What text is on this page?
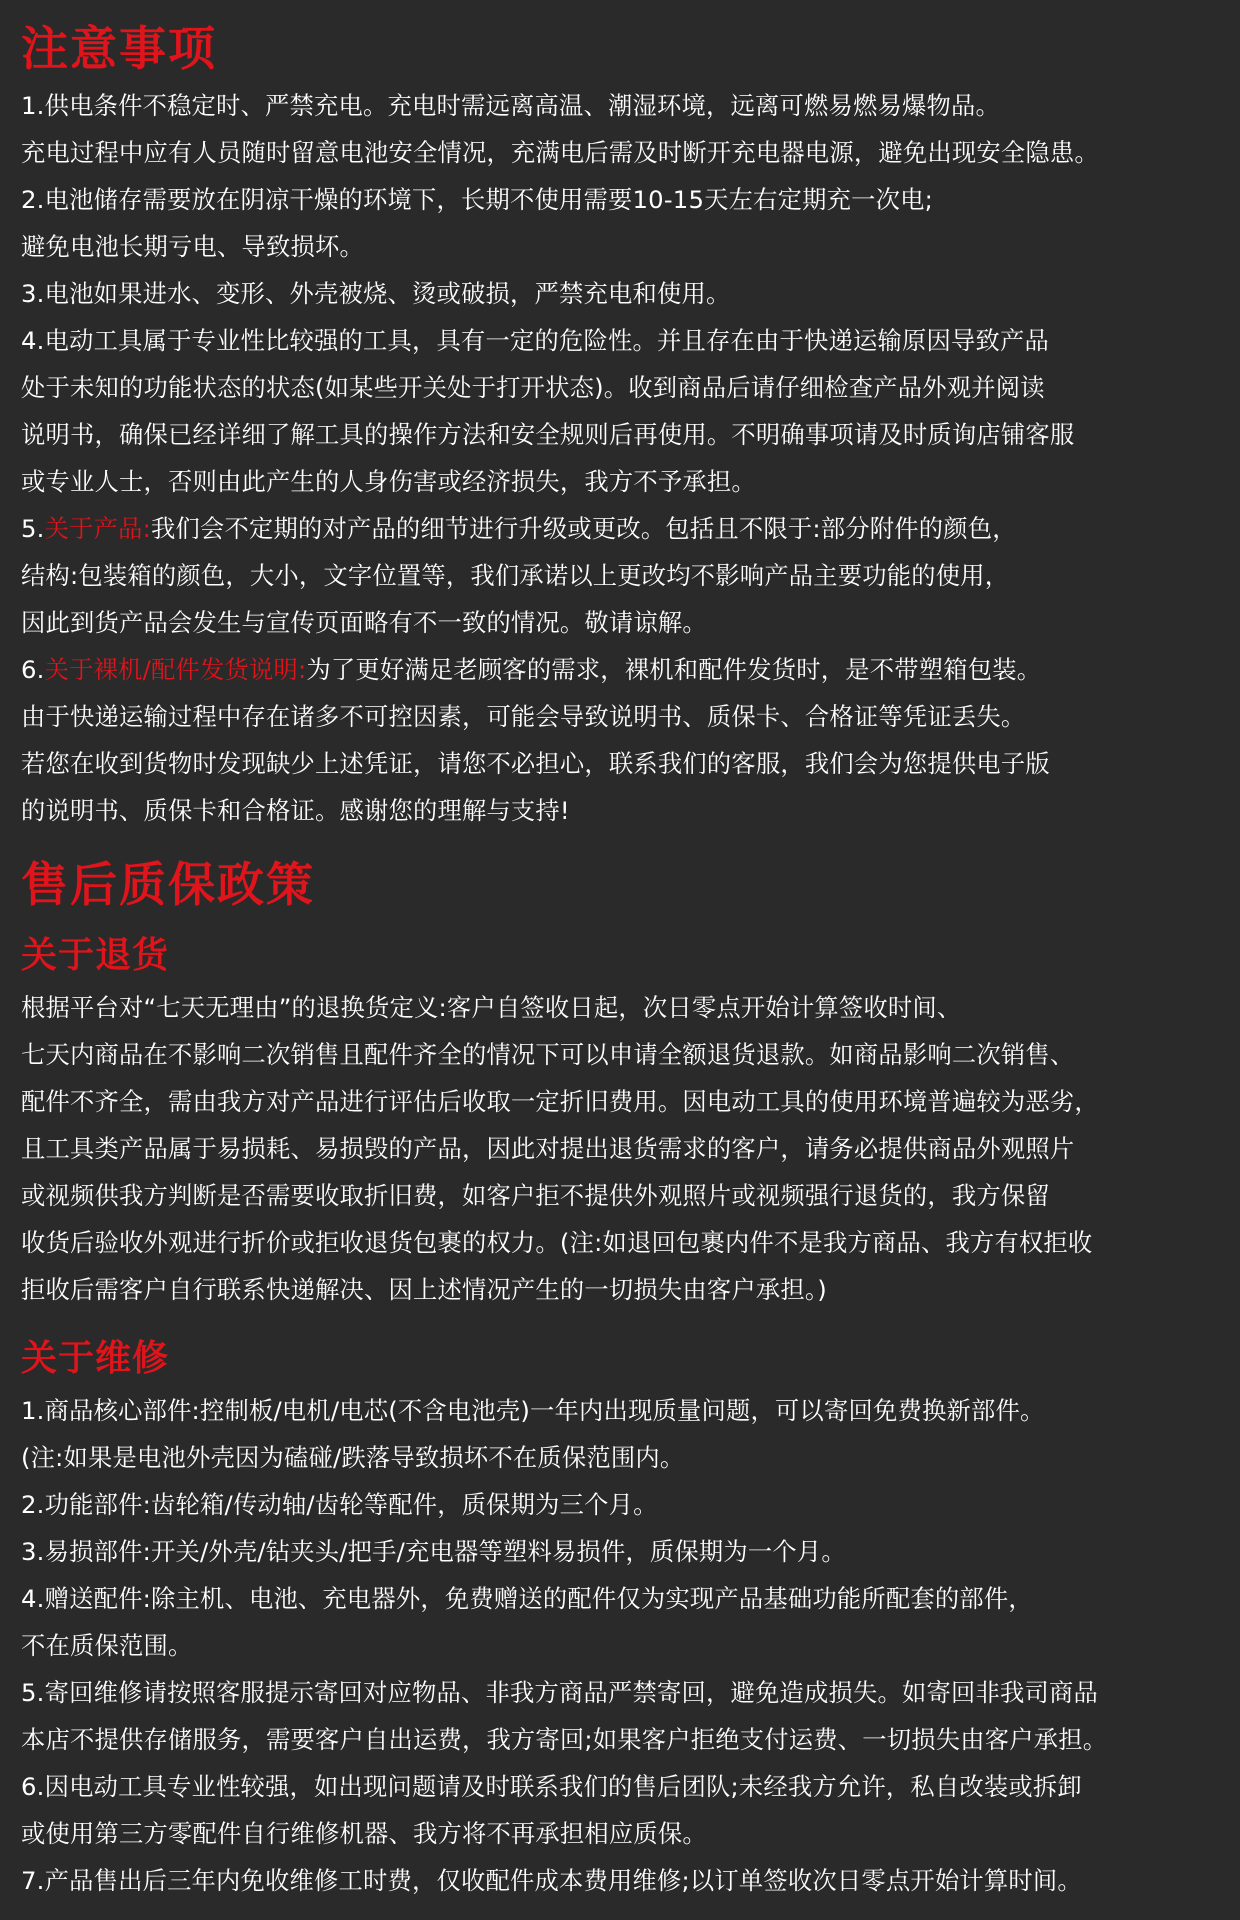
注意事项
1.供电条件不稳定时、严禁充电。充电时需远离高温、潮湿环境，远离可燃易燃易爆物品。
充电过程中应有人员随时留意电池安全情况，充满电后需及时断开充电器电源，避免出现安全隐患。
2.电池储存需要放在阴凉干燥的环境下，长期不使用需要10-15天左右定期充一次电;
避免电池长期亏电、导致损坏。
3.电池如果进水、变形、外壳被烧、烫或破损，严禁充电和使用。
4.电动工具属于专业性比较强的工具，具有一定的危险性。并且存在由于快递运输原因导致产品
处于未知的功能状态的状态(如某些开关处于打开状态)。收到商品后请仔细检查产品外观并阅读
说明书，确保已经详细了解工具的操作方法和安全规则后再使用。不明确事项请及时质询店铺客服
或专业人士，否则由此产生的人身伤害或经济损失，我方不予承担。
5.关于产品:我们会不定期的对产品的细节进行升级或更改。包括且不限于:部分附件的颜色，
结构:包装箱的颜色，大小，文字位置等，我们承诺以上更改均不影响产品主要功能的使用，
因此到货产品会发生与宣传页面略有不一致的情况。敬请谅解。
6.关于裸机/配件发货说明:为了更好满足老顾客的需求，裸机和配件发货时，是不带塑箱包装。
由于快递运输过程中存在诸多不可控因素，可能会导致说明书、质保卡、合格证等凭证丢失。
若您在收到货物时发现缺少上述凭证，请您不必担心，联系我们的客服，我们会为您提供电子版
的说明书、质保卡和合格证。感谢您的理解与支持!
售后质保政策
关于退货
根据平台对“七天无理由”的退换货定义:客户自签收日起，次日零点开始计算签收时间、
七天内商品在不影响二次销售且配件齐全的情况下可以申请全额退货退款。如商品影响二次销售、
配件不齐全，需由我方对产品进行评估后收取一定折旧费用。因电动工具的使用环境普遍较为恶劣，
且工具类产品属于易损耗、易损毁的产品，因此对提出退货需求的客户，请务必提供商品外观照片
或视频供我方判断是否需要收取折旧费，如客户拒不提供外观照片或视频强行退货的，我方保留
收货后验收外观进行折价或拒收退货包裹的权力。(注:如退回包裹内件不是我方商品、我方有权拒收
拒收后需客户自行联系快递解决、因上述情况产生的一切损失由客户承担。)
关于维修
1.商品核心部件:控制板/电机/电芯(不含电池壳)一年内出现质量问题，可以寄回免费换新部件。
(注:如果是电池外壳因为磕碰/跌落导致损坏不在质保范围内。
2.功能部件:齿轮箱/传动轴/齿轮等配件，质保期为三个月。
3.易损部件:开关/外壳/钻夹头/把手/充电器等塑料易损件，质保期为一个月。
4.赠送配件:除主机、电池、充电器外，免费赠送的配件仅为实现产品基础功能所配套的部件，
不在质保范围。
5.寄回维修请按照客服提示寄回对应物品、非我方商品严禁寄回，避免造成损失。如寄回非我司商品
本店不提供存储服务，需要客户自出运费，我方寄回;如果客户拒绝支付运费、一切损失由客户承担。
6.因电动工具专业性较强，如出现问题请及时联系我们的售后团队;未经我方允许，私自改装或拆卸
或使用第三方零配件自行维修机器、我方将不再承担相应质保。
7.产品售出后三年内免收维修工时费，仅收配件成本费用维修;以订单签收次日零点开始计算时间。
